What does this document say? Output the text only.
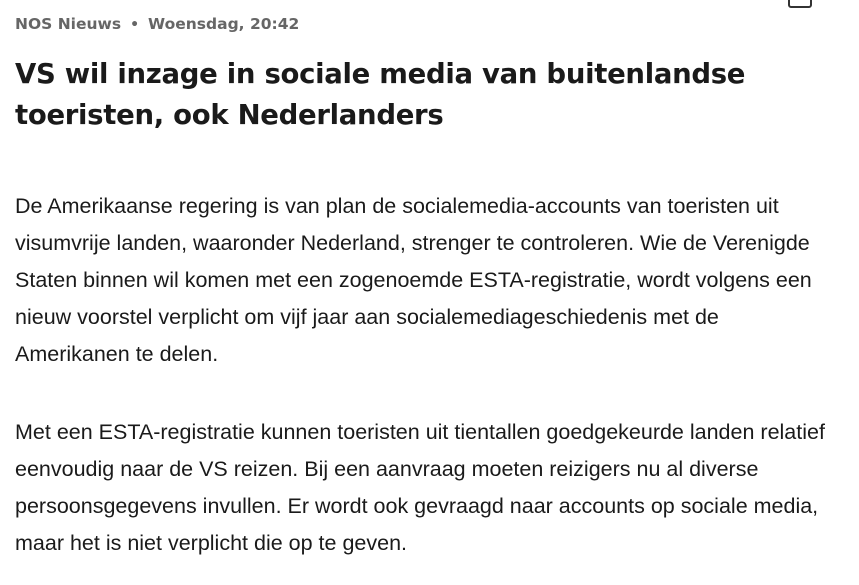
NOS Nieuws • Woensdag, 20:42
VS wil inzage in sociale media van buitenlandse toeristen, ook Nederlanders

De Amerikaanse regering is van plan de socialemedia-accounts van toeristen uit visumvrije landen, waaronder Nederland, strenger te controleren. Wie de Verenigde Staten binnen wil komen met een zogenoemde ESTA-registratie, wordt volgens een nieuw voorstel verplicht om vijf jaar aan socialemediageschiedenis met de Amerikanen te delen.

Met een ESTA-registratie kunnen toeristen uit tientallen goedgekeurde landen relatief eenvoudig naar de VS reizen. Bij een aanvraag moeten reizigers nu al diverse persoonsgegevens invullen. Er wordt ook gevraagd naar accounts op sociale media, maar het is niet verplicht die op te geven.
